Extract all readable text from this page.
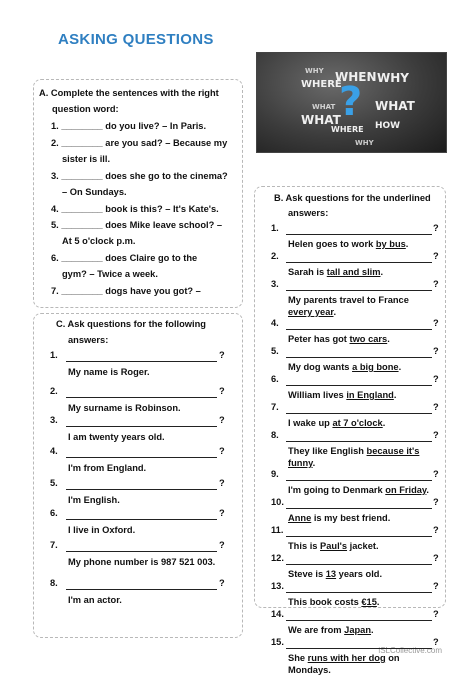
ASKING QUESTIONS
WHY WHEN WHY
WHERE
WHAT ? WHAT
WHAT
WHERE HOW
WHY
iSLCollective.com
A. Complete the sentences with the right
question word:
1. ________ do you live? – In Paris.
2. ________ are you sad? – Because my
sister is ill.
3. ________ does she go to the cinema?
– On Sundays.
4. ________ book is this? – It's Kate's.
5. ________ does Mike leave school? –
At 5 o'clock p.m.
6. ________ does Claire go to the
gym? – Twice a week.
7. ________ dogs have you got? –
B. Ask questions for the underlined
answers:
1.	?
Helen goes to work by bus.
2.	?
Sarah is tall and slim.
3.	?
My parents travel to France
every year.
4.	?
Peter has got two cars.
5.	?
My dog wants a big bone.
6.	?
William lives in England.
7.	?
I wake up at 7 o'clock.
8.	?
They like English because it's
funny.
9.	?
I'm going to Denmark on Friday.
10.	?
Anne is my best friend.
11.	?
This is Paul's jacket.
12.	?
Steve is 13 years old.
13.	?
This book costs €15.
14.	?
We are from Japan.
15.	?
She runs with her dog on
Mondays.
C. Ask questions for the following
answers:
1.	?
My name is Roger.
2.	?
My surname is Robinson.
3.	?
I am twenty years old.
4.	?
I'm from England.
5.	?
I'm English.
6.	?
I live in Oxford.
7.	?
My phone number is 987 521 003.
8.	?
I'm an actor.
